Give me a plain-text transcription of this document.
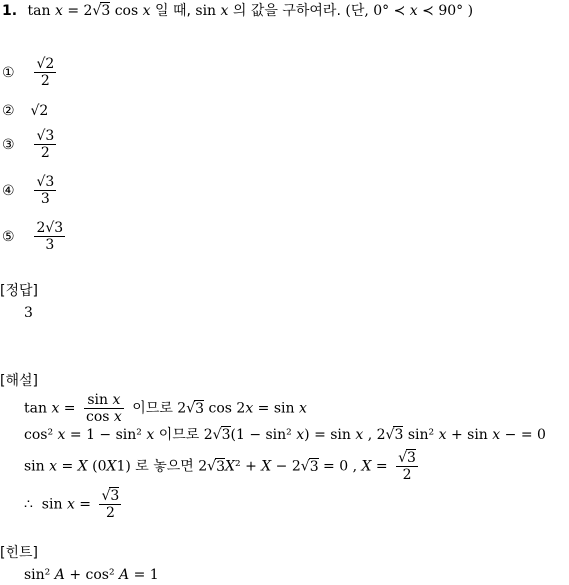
1. tan x = 2√3 cos x 일 때, sin x 의 값을 구하여라. (단, 0° ≺ x ≺ 90° )
① $\frac{√2}{2}$
② √2
③ $\frac{√3}{2}$
④ $\frac{√3}{3}$
⑤ $\frac{2√3}{3}$
[정답]
3
[해설]
$\tan x = \frac{\text{sin x}}{\text{cos x}}$ 이므로 2√3 cos 2x = sin x
cos² x = 1 − sin² x 이므로 2√3(1 − sin² x) = sin x , 2√3 sin² x + sin x − = 0
sin x = X (0X1) 로 놓으면 2√3X² + X − 2√3 = 0 , $X = \frac{√3}{2}$
∴  $\sin x = \frac{√3}{2}$
[힌트]
sin² A + cos² A = 1
